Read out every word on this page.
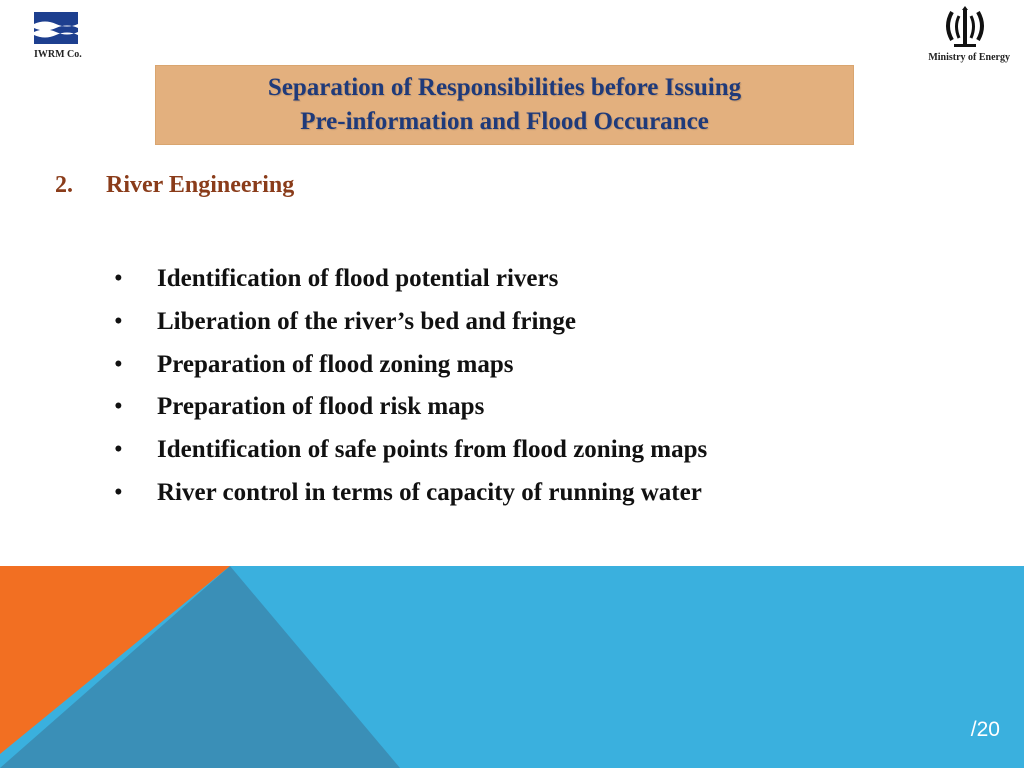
IWRM Co.	Ministry of Energy
Separation of Responsibilities before Issuing
Pre-information and Flood Occurance
2. River Engineering
• Identification of flood potential rivers
• Liberation of the river’s bed and fringe
• Preparation of flood zoning maps
• Preparation of flood risk maps
• Identification of safe points from flood zoning maps
• River control in terms of capacity of running water
/20
